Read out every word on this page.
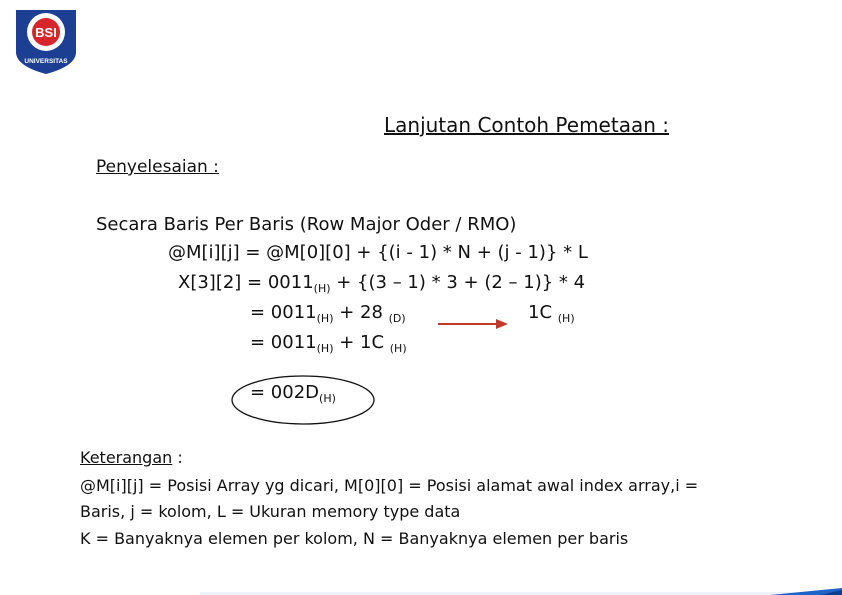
BSI
UNIVERSITAS
Lanjutan Contoh Pemetaan :
Penyelesaian :
Secara Baris Per Baris (Row Major Oder / RMO)
@M[i][j] = @M[0][0] + {(i - 1) * N + (j - 1)} * L
$X[3][2] = 0011_{(H)} + \{(3 - 1) * 3 + (2 - 1)\} * 4$
= $0011_{(H)} + 28$ $_{(D)}$	1C $_{(H)}$
= $0011_{(H)} + 1C$ $_{(H)}$
= $002D_{(H)}$
Keterangan :
@M[i][j] = Posisi Array yg dicari, M[0][0] = Posisi alamat awal index array,i =
Baris, j = kolom, L = Ukuran memory type data
K = Banyaknya elemen per kolom, N = Banyaknya elemen per baris
